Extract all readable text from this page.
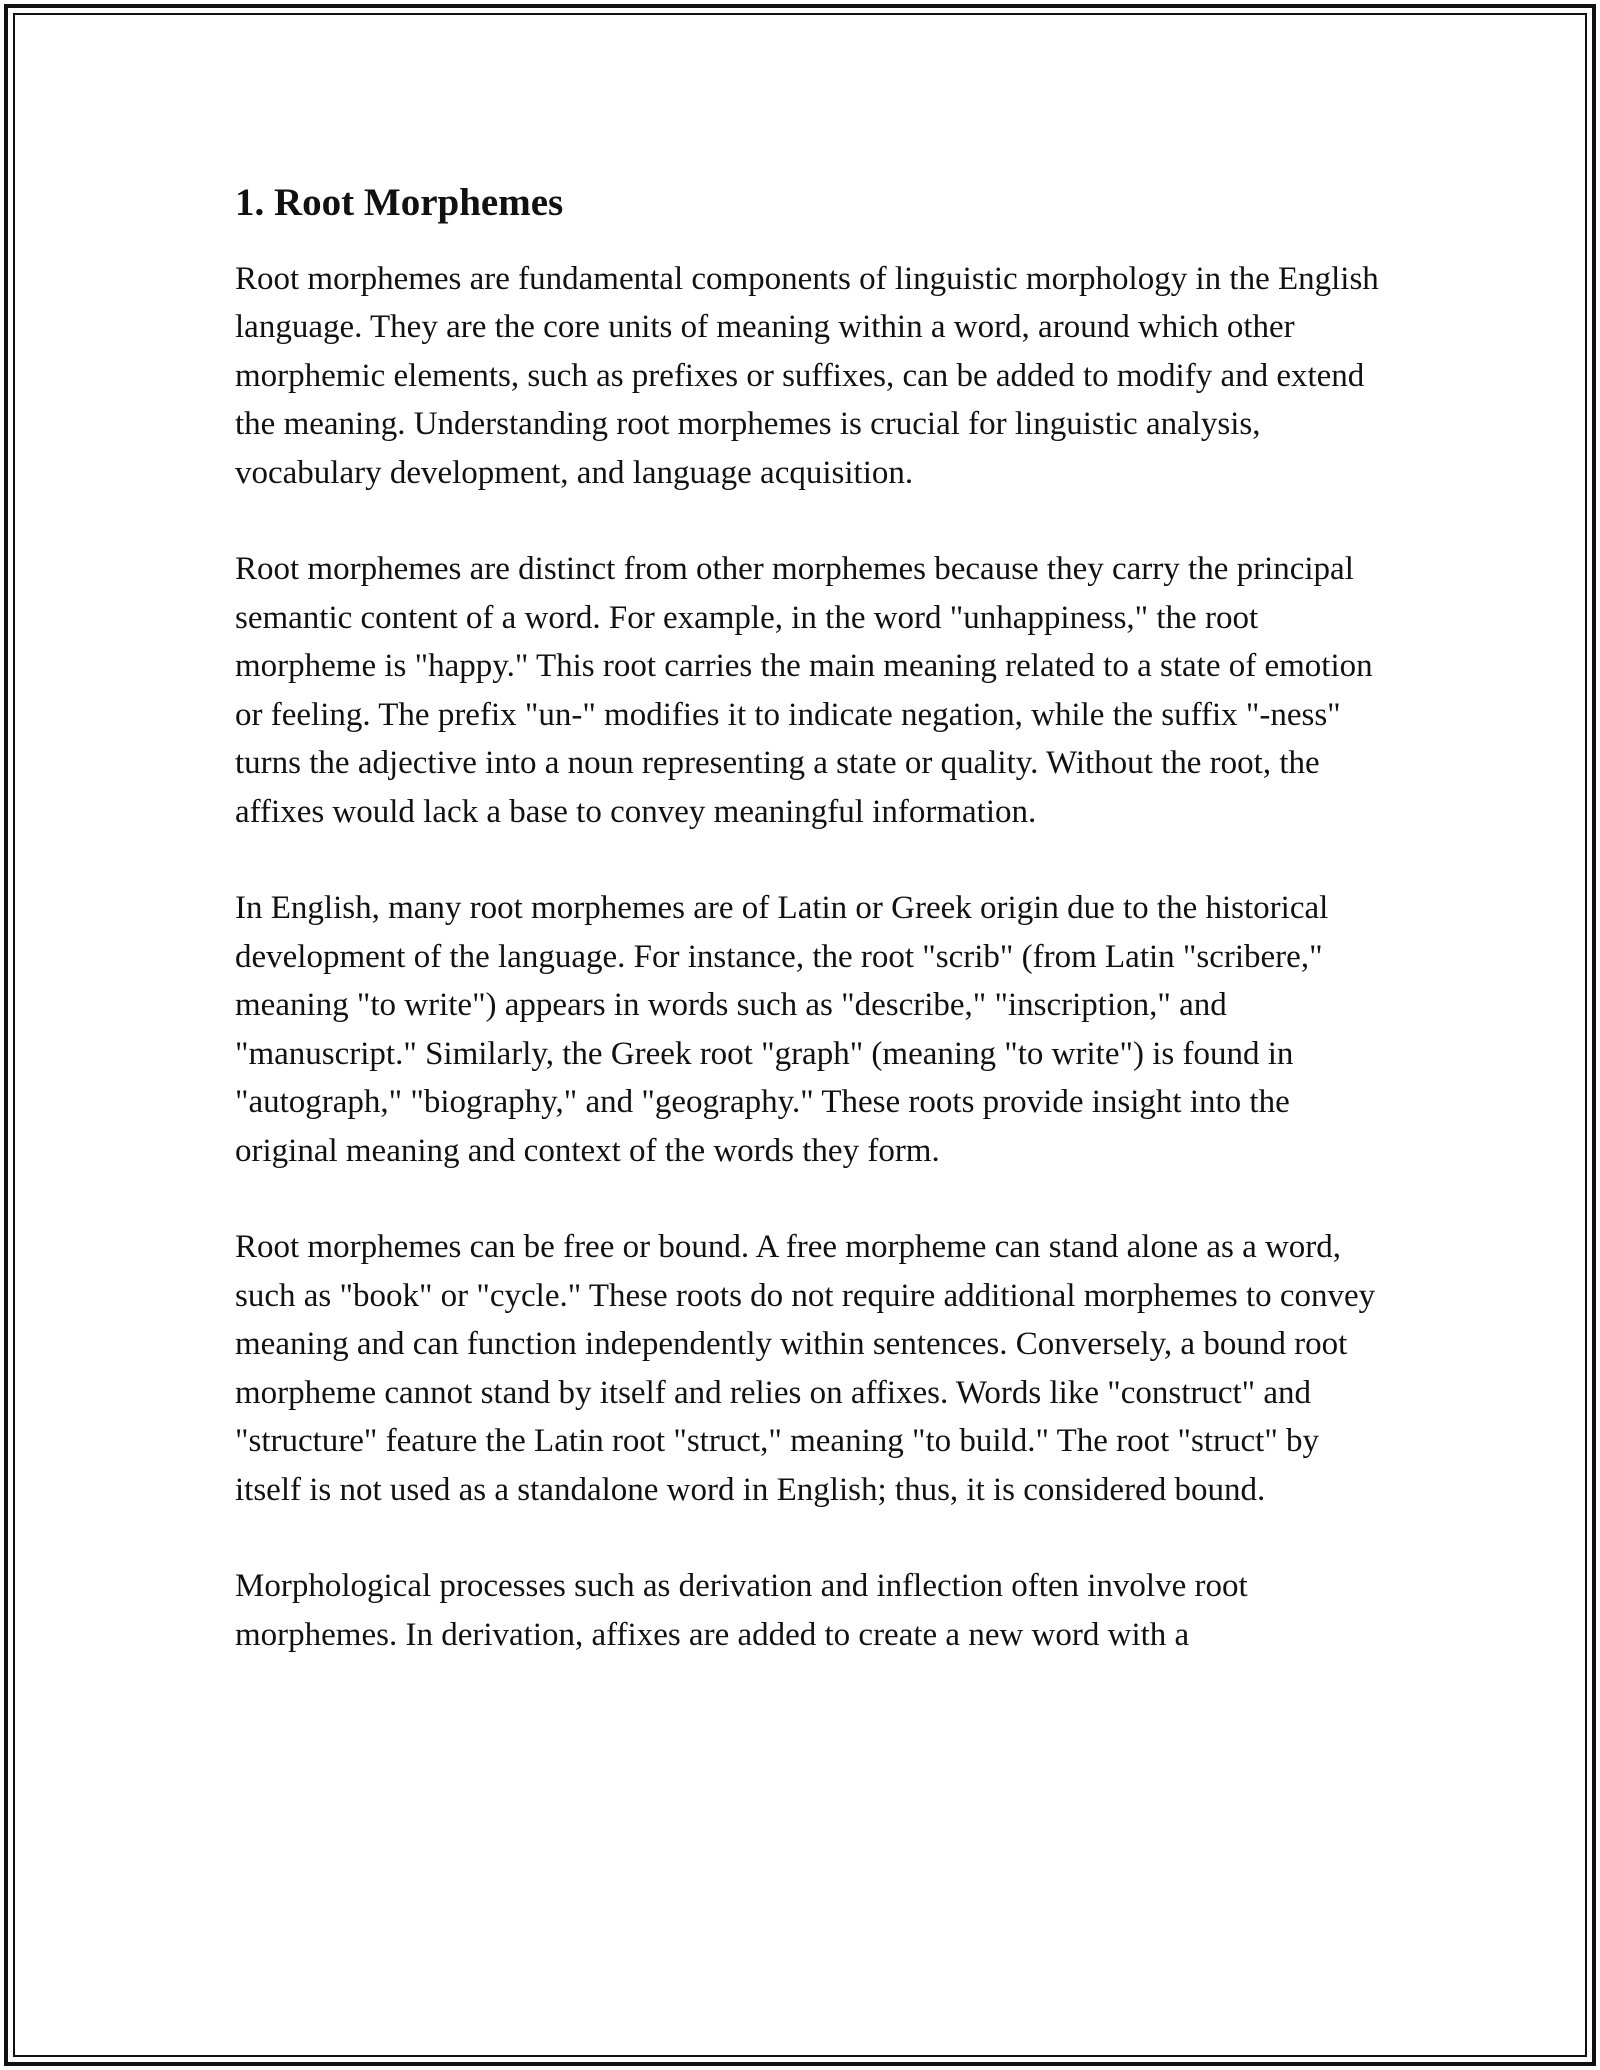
1. Root Morphemes

Root morphemes are fundamental components of linguistic morphology in the English language. They are the core units of meaning within a word, around which other morphemic elements, such as prefixes or suffixes, can be added to modify and extend the meaning. Understanding root morphemes is crucial for linguistic analysis, vocabulary development, and language acquisition.

Root morphemes are distinct from other morphemes because they carry the principal semantic content of a word. For example, in the word "unhappiness," the root morpheme is "happy." This root carries the main meaning related to a state of emotion or feeling. The prefix "un-" modifies it to indicate negation, while the suffix "-ness" turns the adjective into a noun representing a state or quality. Without the root, the affixes would lack a base to convey meaningful information.

In English, many root morphemes are of Latin or Greek origin due to the historical development of the language. For instance, the root "scrib" (from Latin "scribere," meaning "to write") appears in words such as "describe," "inscription," and "manuscript." Similarly, the Greek root "graph" (meaning "to write") is found in "autograph," "biography," and "geography." These roots provide insight into the original meaning and context of the words they form.

Root morphemes can be free or bound. A free morpheme can stand alone as a word, such as "book" or "cycle." These roots do not require additional morphemes to convey meaning and can function independently within sentences. Conversely, a bound root morpheme cannot stand by itself and relies on affixes. Words like "construct" and "structure" feature the Latin root "struct," meaning "to build." The root "struct" by itself is not used as a standalone word in English; thus, it is considered bound.

Morphological processes such as derivation and inflection often involve root morphemes. In derivation, affixes are added to create a new word with a
